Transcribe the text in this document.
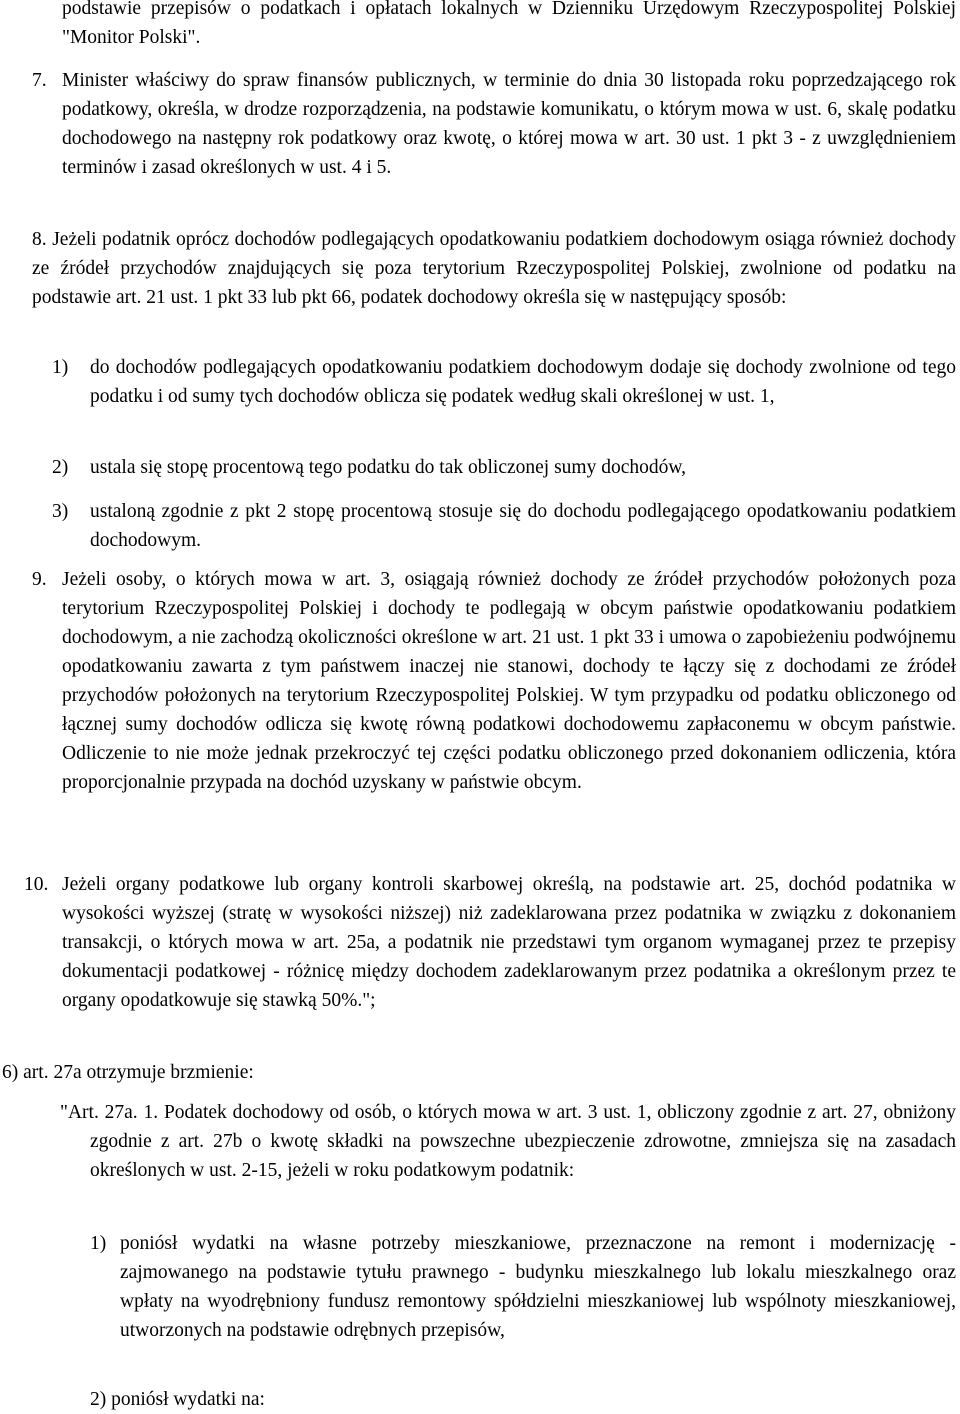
podstawie przepisów o podatkach i opłatach lokalnych w Dzienniku Urzędowym Rzeczypospolitej Polskiej "Monitor Polski".

7. Minister właściwy do spraw finansów publicznych, w terminie do dnia 30 listopada roku poprzedzającego rok podatkowy, określa, w drodze rozporządzenia, na podstawie komunikatu, o którym mowa w ust. 6, skalę podatku dochodowego na następny rok podatkowy oraz kwotę, o której mowa w art. 30 ust. 1 pkt 3 - z uwzględnieniem terminów i zasad określonych w ust. 4 i 5.
8. Jeżeli podatnik oprócz dochodów podlegających opodatkowaniu podatkiem dochodowym osiąga również dochody ze źródeł przychodów znajdujących się poza terytorium Rzeczypospolitej Polskiej, zwolnione od podatku na podstawie art. 21 ust. 1 pkt 33 lub pkt 66, podatek dochodowy określa się w następujący sposób:
1)	do dochodów podlegających opodatkowaniu podatkiem dochodowym dodaje się dochody zwolnione od tego podatku i od sumy tych dochodów oblicza się podatek według skali określonej w ust. 1,
2)	ustala się stopę procentową tego podatku do tak obliczonej sumy dochodów,
3)	ustaloną zgodnie z pkt 2 stopę procentową stosuje się do dochodu podlegającego opodatkowaniu podatkiem dochodowym.
9. Jeżeli osoby, o których mowa w art. 3, osiągają również dochody ze źródeł przychodów położonych poza terytorium Rzeczypospolitej Polskiej i dochody te podlegają w obcym państwie opodatkowaniu podatkiem dochodowym, a nie zachodzą okoliczności określone w art. 21 ust. 1 pkt 33 i umowa o zapobieżeniu podwójnemu opodatkowaniu zawarta z tym państwem inaczej nie stanowi, dochody te łączy się z dochodami ze źródeł przychodów położonych na terytorium Rzeczypospolitej Polskiej. W tym przypadku od podatku obliczonego od łącznej sumy dochodów odlicza się kwotę równą podatkowi dochodowemu zapłaconemu w obcym państwie. Odliczenie to nie może jednak przekroczyć tej części podatku obliczonego przed dokonaniem odliczenia, która proporcjonalnie przypada na dochód uzyskany w państwie obcym.
10. Jeżeli organy podatkowe lub organy kontroli skarbowej określą, na podstawie art. 25, dochód podatnika w wysokości wyższej (stratę w wysokości niższej) niż zadeklarowana przez podatnika w związku z dokonaniem transakcji, o których mowa w art. 25a, a podatnik nie przedstawi tym organom wymaganej przez te przepisy dokumentacji podatkowej - różnicę między dochodem zadeklarowanym przez podatnika a określonym przez te organy opodatkowuje się stawką 50%.";
6) art. 27a otrzymuje brzmienie:
"Art. 27a. 1. Podatek dochodowy od osób, o których mowa w art. 3 ust. 1, obliczony zgodnie z art. 27, obniżony zgodnie z art. 27b o kwotę składki na powszechne ubezpieczenie zdrowotne, zmniejsza się na zasadach określonych w ust. 2-15, jeżeli w roku podatkowym podatnik:
1) poniósł wydatki na własne potrzeby mieszkaniowe, przeznaczone na remont i modernizację - zajmowanego na podstawie tytułu prawnego - budynku mieszkalnego lub lokalu mieszkalnego oraz wpłaty na wyodrębniony fundusz remontowy spółdzielni mieszkaniowej lub wspólnoty mieszkaniowej, utworzonych na podstawie odrębnych przepisów,
2) poniósł wydatki na:
